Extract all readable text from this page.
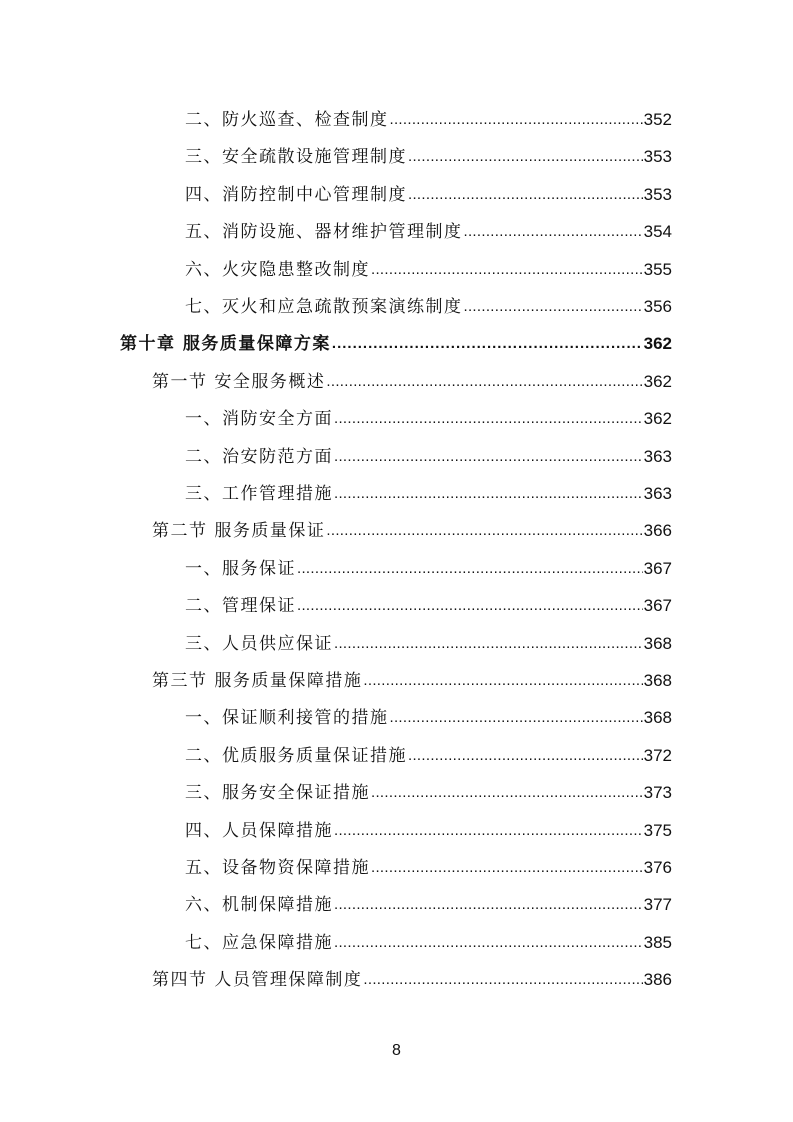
二、防火巡查、检查制度 .....	352
三、安全疏散设施管理制度 .....	353
四、消防控制中心管理制度 .....	353
五、消防设施、器材维护管理制度 .....	354
六、火灾隐患整改制度 .....	355
七、灭火和应急疏散预案演练制度 .....	356
第十章 服务质量保障方案 .....	362
第一节 安全服务概述 .....	362
一、消防安全方面 .....	362
二、治安防范方面 .....	363
三、工作管理措施 .....	363
第二节 服务质量保证 .....	366
一、服务保证 .....	367
二、管理保证 .....	367
三、人员供应保证 .....	368
第三节 服务质量保障措施 .....	368
一、保证顺利接管的措施 .....	368
二、优质服务质量保证措施 .....	372
三、服务安全保证措施 .....	373
四、人员保障措施 .....	375
五、设备物资保障措施 .....	376
六、机制保障措施 .....	377
七、应急保障措施 .....	385
第四节 人员管理保障制度 .....	386
8
